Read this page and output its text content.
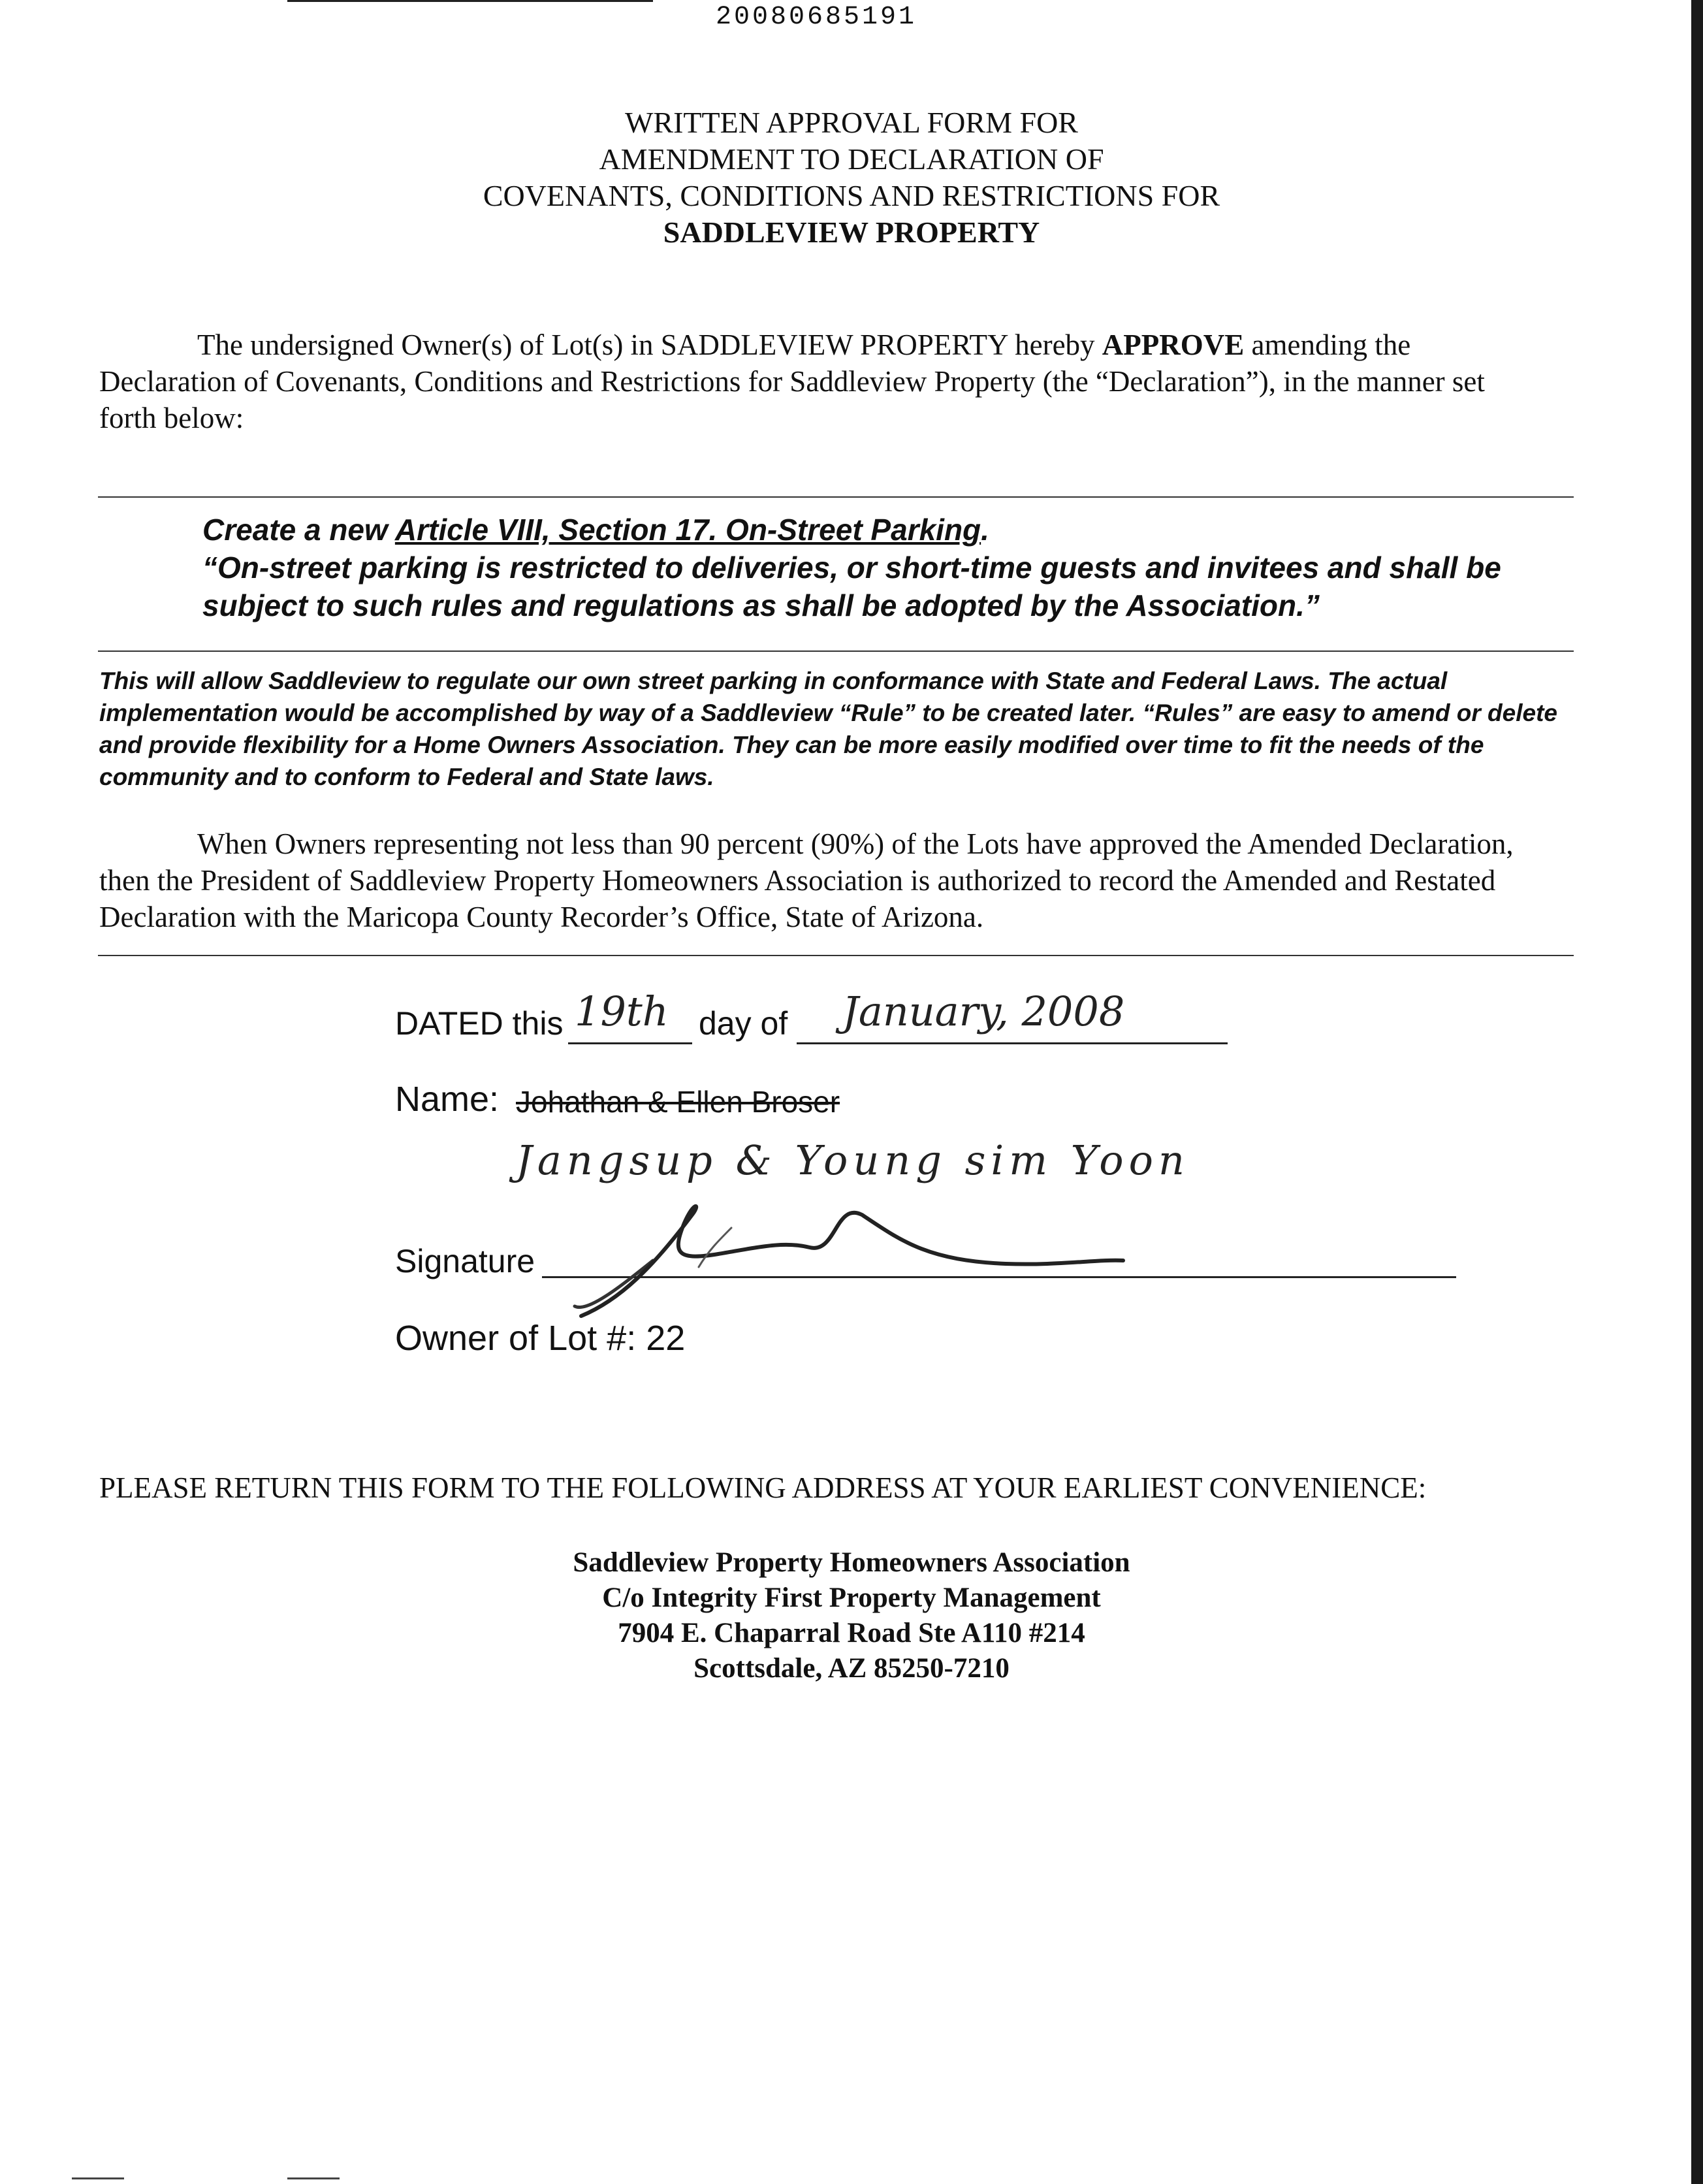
20080685191
WRITTEN APPROVAL FORM FOR
AMENDMENT TO DECLARATION OF
COVENANTS, CONDITIONS AND RESTRICTIONS FOR
SADDLEVIEW PROPERTY
The undersigned Owner(s) of Lot(s) in SADDLEVIEW PROPERTY hereby APPROVE amending the Declaration of Covenants, Conditions and Restrictions for Saddleview Property (the “Declaration”), in the manner set forth below:
Create a new Article VIII, Section 17. On-Street Parking.
“On-street parking is restricted to deliveries, or short-time guests and invitees and shall be subject to such rules and regulations as shall be adopted by the Association.”
This will allow Saddleview to regulate our own street parking in conformance with State and Federal Laws. The actual implementation would be accomplished by way of a Saddleview “Rule” to be created later. “Rules” are easy to amend or delete and provide flexibility for a Home Owners Association. They can be more easily modified over time to fit the needs of the community and to conform to Federal and State laws.
When Owners representing not less than 90 percent (90%) of the Lots have approved the Amended Declaration, then the President of Saddleview Property Homeowners Association is authorized to record the Amended and Restated Declaration with the Maricopa County Recorder’s Office, State of Arizona.
DATED this 19th day of January, 2008
Name: Johathan & Ellen Broser
Jangsup & Young sim Yoon
Signature
Owner of Lot #: 22
PLEASE RETURN THIS FORM TO THE FOLLOWING ADDRESS AT YOUR EARLIEST CONVENIENCE:
Saddleview Property Homeowners Association
C/o Integrity First Property Management
7904 E. Chaparral Road Ste A110 #214
Scottsdale, AZ 85250-7210
